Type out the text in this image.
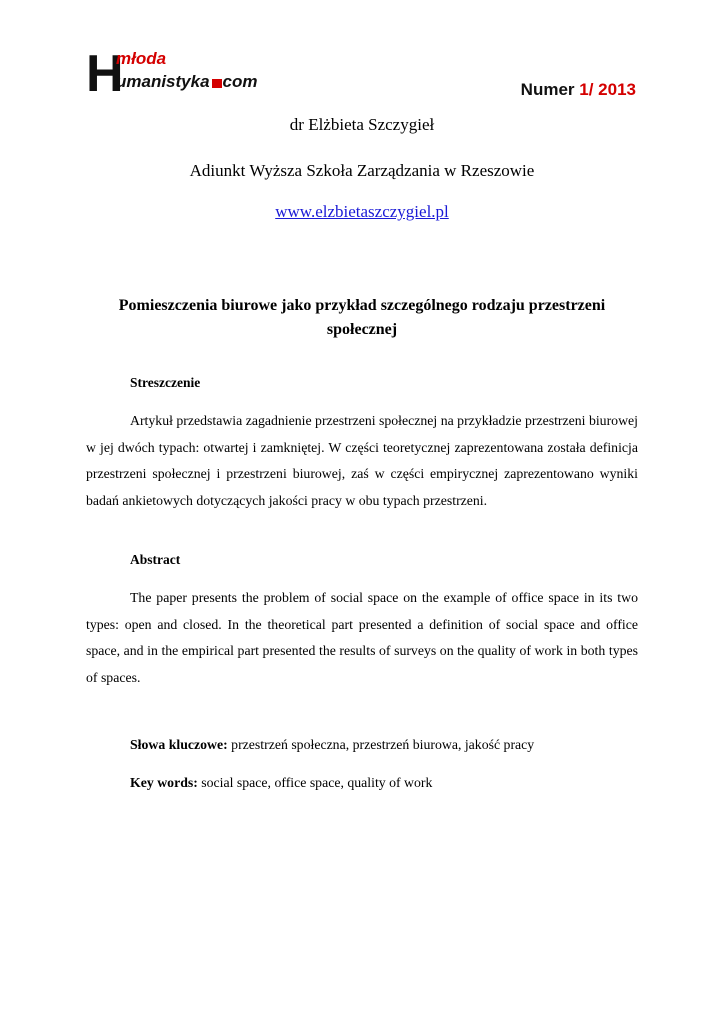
H
młoda
umanistyka com	Numer 1/ 2013
dr Elżbieta Szczygieł
Adiunkt Wyższa Szkoła Zarządzania w Rzeszowie
www.elzbietaszczygiel.pl
Pomieszczenia biurowe jako przykład szczególnego rodzaju przestrzeni społecznej
Streszczenie
Artykuł przedstawia zagadnienie przestrzeni społecznej na przykładzie przestrzeni biurowej w jej dwóch typach: otwartej i zamkniętej. W części teoretycznej zaprezentowana została definicja przestrzeni społecznej i przestrzeni biurowej, zaś w części empirycznej zaprezentowano wyniki badań ankietowych dotyczących jakości pracy w obu typach przestrzeni.
Abstract
The paper presents the problem of social space on the example of office space in its two types: open and closed. In the theoretical part presented a definition of social space and office space, and in the empirical part presented the results of surveys on the quality of work in both types of spaces.
Słowa kluczowe: przestrzeń społeczna, przestrzeń biurowa, jakość pracy
Key words: social space, office space, quality of work
